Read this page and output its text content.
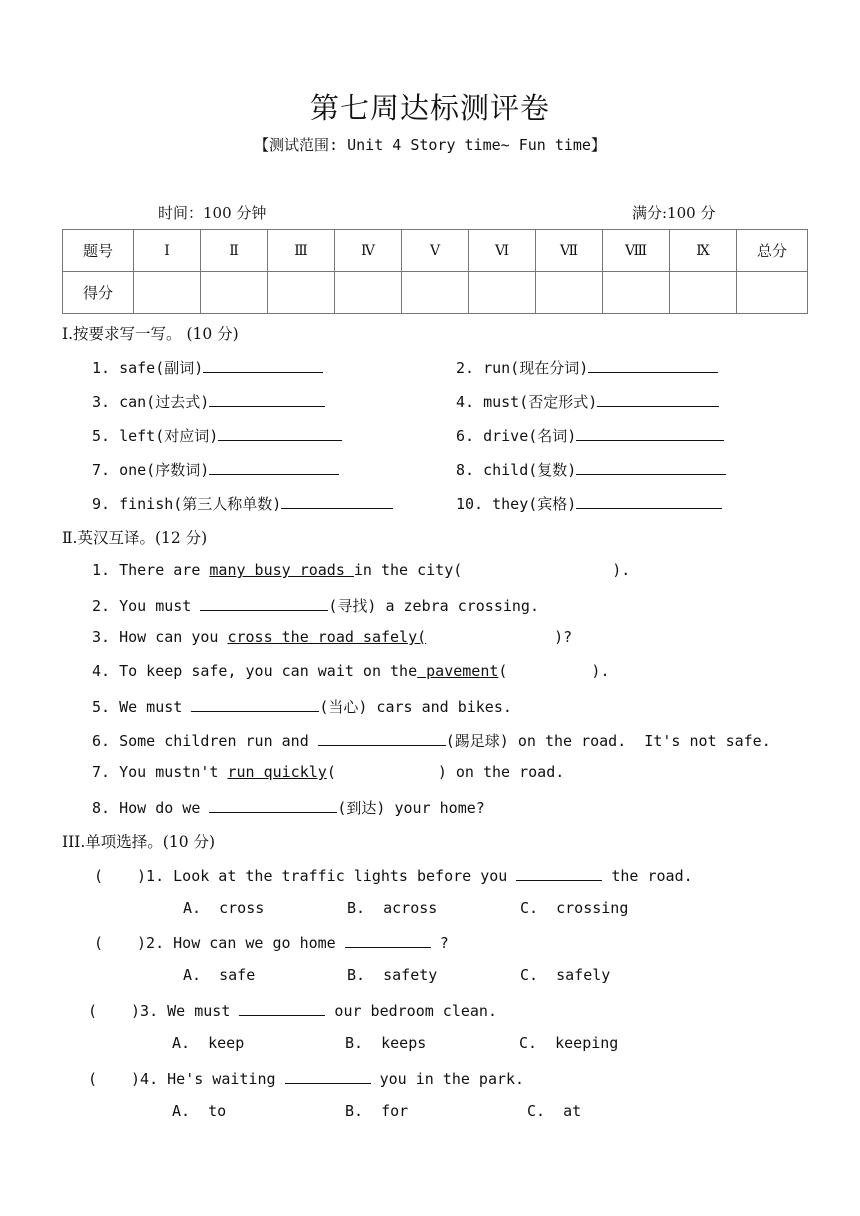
第七周达标测评卷
【测试范围: Unit 4 Story time~ Fun time】
时间：100 分钟	满分:100 分
题号	Ⅰ	Ⅱ	Ⅲ	Ⅳ	Ⅴ	Ⅵ	Ⅶ	Ⅷ	Ⅸ	总分
得分										
Ⅰ.按要求写一写。 (10 分)
1. safe(副词)	2. run(现在分词)
3. can(过去式)	4. must(否定形式)
5. left(对应词)	6. drive(名词)
7. one(序数词)	8. child(复数)
9. finish(第三人称单数)	10. they(宾格)
Ⅱ.英汉互译。(12 分)
1. There are many busy roads in the city(	).
2. You must	(寻找) a zebra crossing.
3. How can you cross the road safely(	)?
4. To keep safe, you can wait on the pavement(	).
5. We must	(当心) cars and bikes.
6. Some children run and	(踢足球) on the road.  It's not safe.
7. You mustn't run quickly(	) on the road.
8. How do we	(到达) your home?
III.单项选择。(10 分)
( )1. Look at the traffic lights before you	the road.
A.  cross	B.  across	C.  crossing
( )2. How can we go home	?
A.  safe	B.  safety	C.  safely
( )3. We must	our bedroom clean.
A.  keep	B.  keeps	C.  keeping
( )4. He's waiting	you in the park.
A.  to	B.  for	C.  at
